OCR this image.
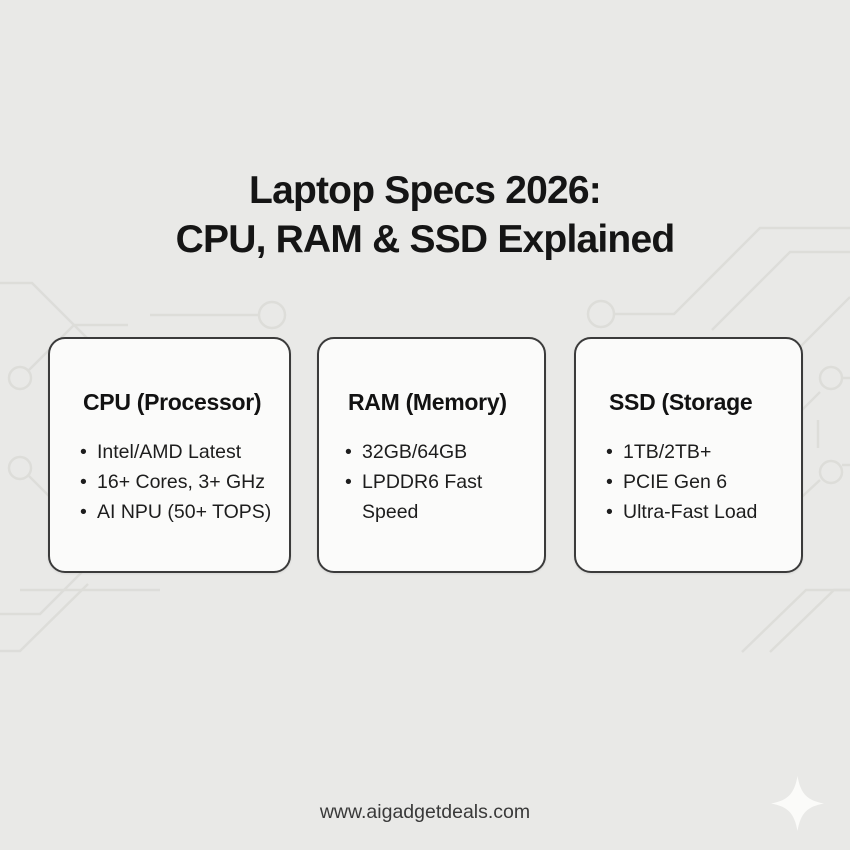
Laptop Specs 2026:
CPU, RAM & SSD Explained
CPU (Processor)
• Intel/AMD Latest
• 16+ Cores, 3+ GHz
• AI NPU (50+ TOPS)
RAM (Memory)
• 32GB/64GB
• LPDDR6 Fast Speed
SSD (Storage
• 1TB/2TB+
• PCIE Gen 6
• Ultra-Fast Load
www.aigadgetdeals.com
